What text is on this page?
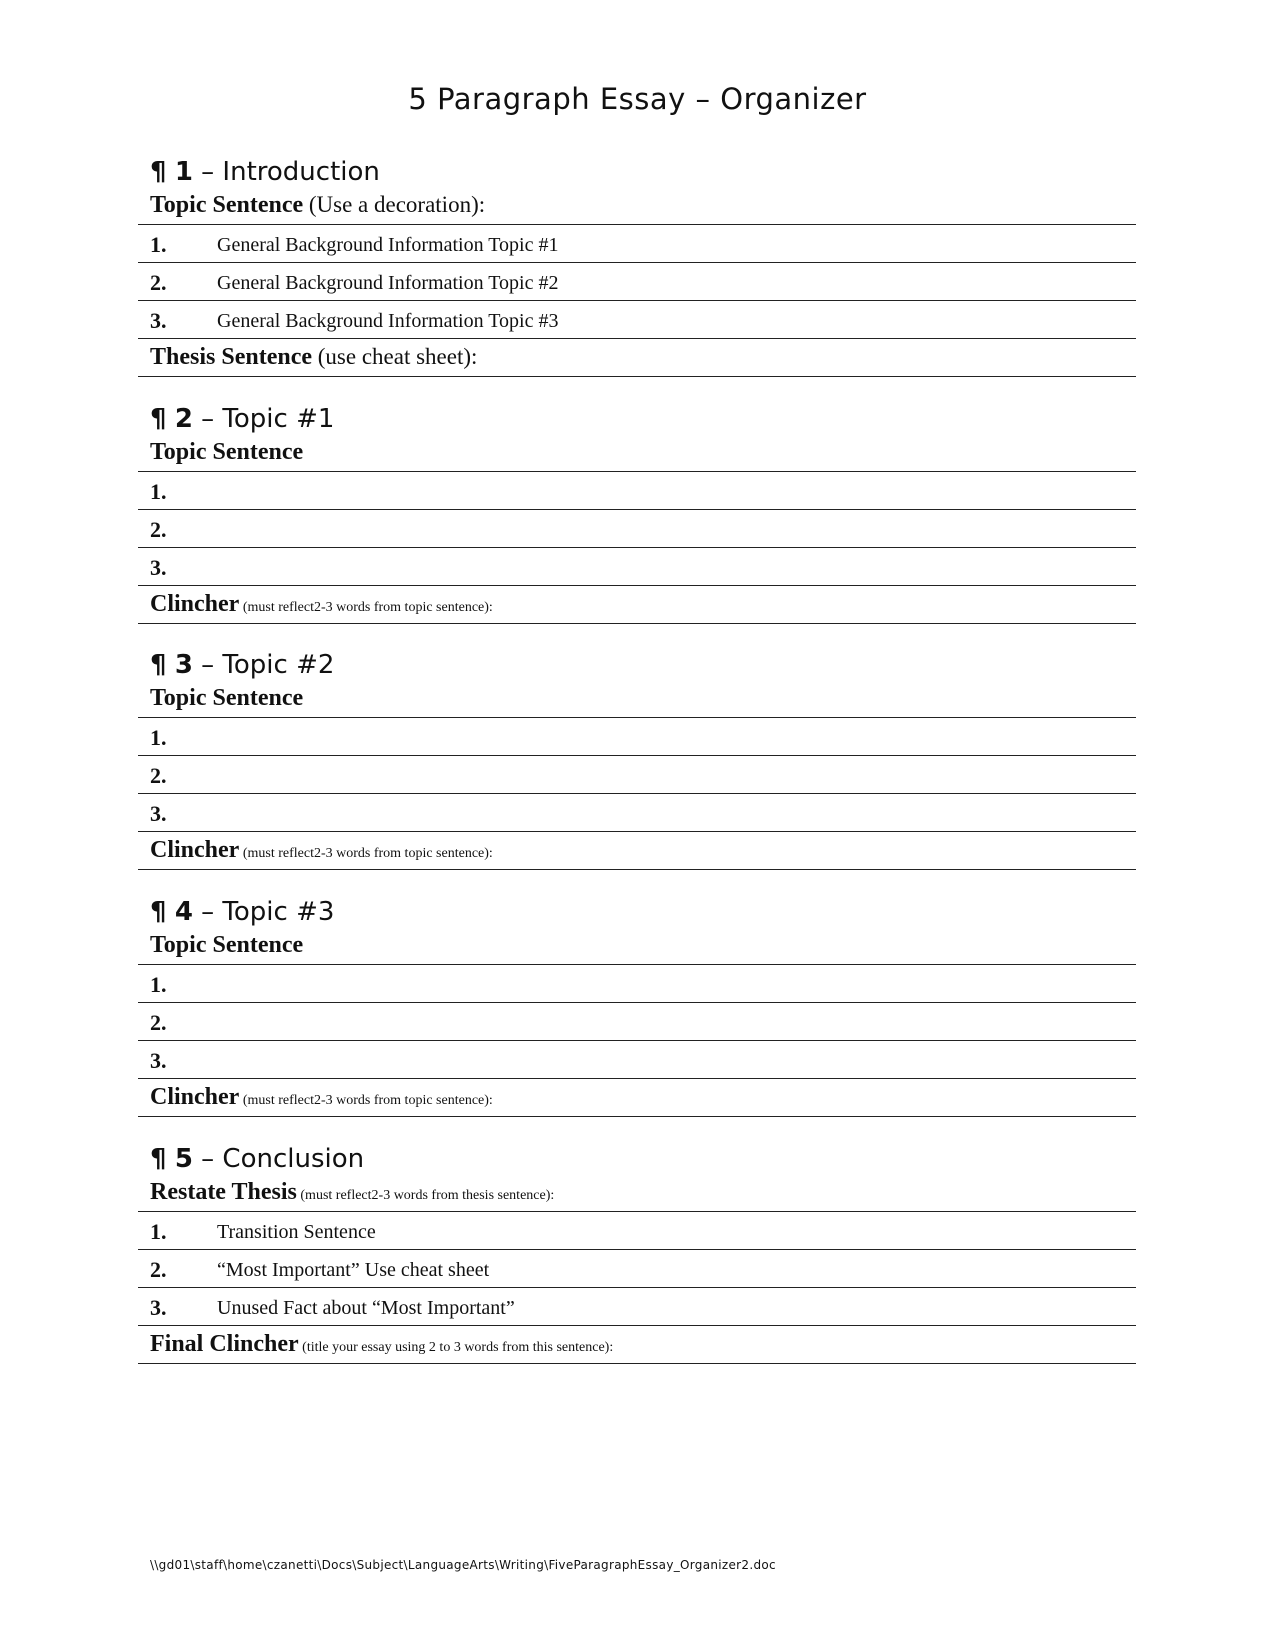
5 Paragraph Essay – Organizer
¶ 1 – Introduction
Topic Sentence (Use a decoration):
1.	General Background Information Topic #1
2.	General Background Information Topic #2
3.	General Background Information Topic #3
Thesis Sentence (use cheat sheet):
¶ 2 – Topic #1
Topic Sentence
1.
2.
3.
Clincher (must reflect2-3 words from topic sentence):
¶ 3 – Topic #2
Topic Sentence
1.
2.
3.
Clincher (must reflect2-3 words from topic sentence):
¶ 4 – Topic #3
Topic Sentence
1.
2.
3.
Clincher (must reflect2-3 words from topic sentence):
¶ 5 – Conclusion
Restate Thesis (must reflect2-3 words from thesis sentence):
1.	Transition Sentence
2.	“Most Important” Use cheat sheet
3.	Unused Fact about “Most Important”
Final Clincher (title your essay using 2 to 3 words from this sentence):
\\gd01\staff\home\czanetti\Docs\Subject\LanguageArts\Writing\FiveParagraphEssay_Organizer2.doc
